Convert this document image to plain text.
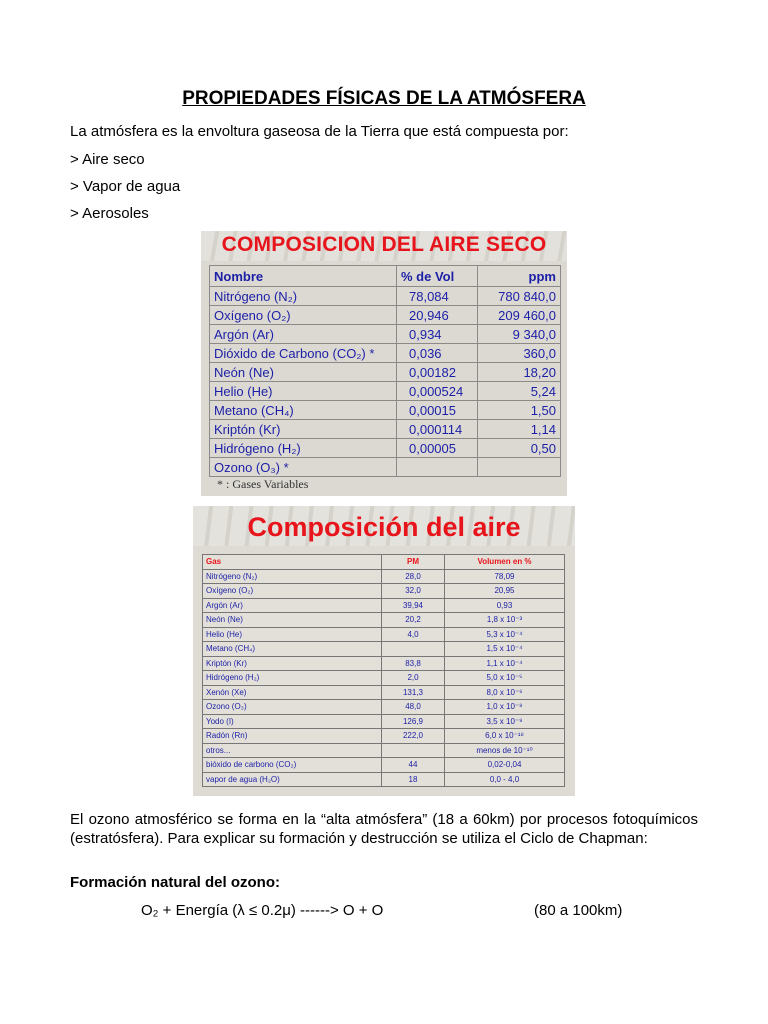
PROPIEDADES FÍSICAS DE LA ATMÓSFERA

La atmósfera es la envoltura gaseosa de la Tierra que está compuesta por:

> Aire seco

> Vapor de agua

> Aerosoles

COMPOSICION DEL AIRE SECO
Nombre	% de Vol	ppm
Nitrógeno (N₂)	78,084	780 840,0
Oxígeno (O₂)	20,946	209 460,0
Argón (Ar)	0,934	9 340,0
Dióxido de Carbono (CO₂) *	0,036	360,0
Neón (Ne)	0,00182	18,20
Helio (He)	0,000524	5,24
Metano (CH₄)	0,00015	1,50
Kriptón (Kr)	0,000114	1,14
Hidrógeno (H₂)	0,00005	0,50
Ozono (O₃) *		
* : Gases Variables
Composición del aire
Gas	PM	Volumen en %
Nitrógeno (N₂)	28,0	78,09
Oxígeno (O₂)	32,0	20,95
Argón (Ar)	39,94	0,93
Neón (Ne)	20,2	1,8 x 10⁻³
Helio (He)	4,0	5,3 x 10⁻⁴
Metano (CH₄)		1,5 x 10⁻⁴
Kriptón (Kr)	83,8	1,1 x 10⁻⁴
Hidrógeno (H₂)	2,0	5,0 x 10⁻⁵
Xenón (Xe)	131,3	8,0 x 10⁻⁶
Ozono (O₃)	48,0	1,0 x 10⁻⁸
Yodo (I)	126,9	3,5 x 10⁻⁹
Radón (Rn)	222,0	6,0 x 10⁻¹⁸
otros...		menos de 10⁻¹⁰
bióxido de carbono (CO₂)	44	0,02-0,04
vapor de agua (H₂O)	18	0,0 - 4,0

El ozono atmosférico se forma en la “alta atmósfera” (18 a 60km) por procesos fotoquímicos (estratósfera). Para explicar su formación y destrucción se utiliza el Ciclo de Chapman:

Formación natural del ozono:

O₂ + Energía (λ ≤ 0.2μ) ------> O + O	(80 a 100km)
